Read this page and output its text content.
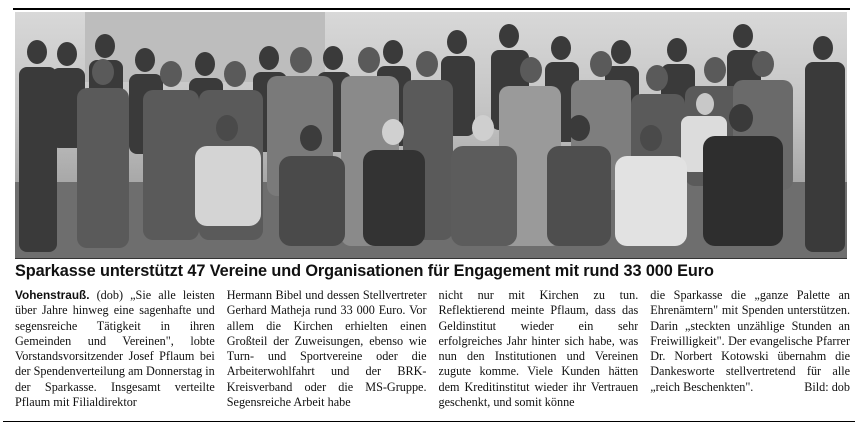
Sparkasse unterstützt 47 Vereine und Organisationen für Engagement mit rund 33 000 Euro
Vohenstrauß. (dob) „Sie alle leisten über Jahre hinweg eine sagenhafte und segensreiche Tätigkeit in ihren Gemeinden und Vereinen", lobte Vorstandsvorsitzender Josef Pflaum bei der Spendenverteilung am Donnerstag in der Sparkasse. Insgesamt verteilte Pflaum mit Filialdirektor
Hermann Bibel und dessen Stellvertreter Gerhard Matheja rund 33 000 Euro. Vor allem die Kirchen erhielten einen Großteil der Zuweisungen, ebenso wie Turn- und Sportvereine oder die Arbeiterwohlfahrt und der BRK-Kreisverband oder die MS-Gruppe. Segensreiche Arbeit habe
nicht nur mit Kirchen zu tun. Reflektierend meinte Pflaum, dass das Geldinstitut wieder ein sehr erfolgreiches Jahr hinter sich habe, was nun den Institutionen und Vereinen zugute komme. Viele Kunden hätten dem Kreditinstitut wieder ihr Vertrauen geschenkt, und somit könne
die Sparkasse die „ganze Palette an Ehrenämtern" mit Spenden unterstützen. Darin „steckten unzählige Stunden an Freiwilligkeit". Der evangelische Pfarrer Dr. Norbert Kotowski übernahm die Dankesworte stellvertretend für alle „reich Beschenkten".	Bild: dob
